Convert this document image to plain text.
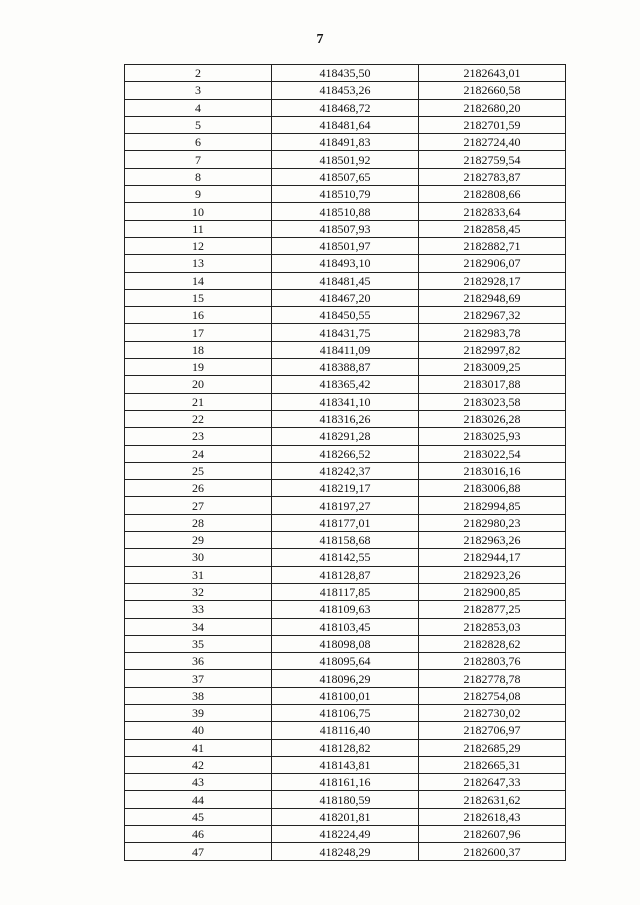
7
2	418435,50	2182643,01
3	418453,26	2182660,58
4	418468,72	2182680,20
5	418481,64	2182701,59
6	418491,83	2182724,40
7	418501,92	2182759,54
8	418507,65	2182783,87
9	418510,79	2182808,66
10	418510,88	2182833,64
11	418507,93	2182858,45
12	418501,97	2182882,71
13	418493,10	2182906,07
14	418481,45	2182928,17
15	418467,20	2182948,69
16	418450,55	2182967,32
17	418431,75	2182983,78
18	418411,09	2182997,82
19	418388,87	2183009,25
20	418365,42	2183017,88
21	418341,10	2183023,58
22	418316,26	2183026,28
23	418291,28	2183025,93
24	418266,52	2183022,54
25	418242,37	2183016,16
26	418219,17	2183006,88
27	418197,27	2182994,85
28	418177,01	2182980,23
29	418158,68	2182963,26
30	418142,55	2182944,17
31	418128,87	2182923,26
32	418117,85	2182900,85
33	418109,63	2182877,25
34	418103,45	2182853,03
35	418098,08	2182828,62
36	418095,64	2182803,76
37	418096,29	2182778,78
38	418100,01	2182754,08
39	418106,75	2182730,02
40	418116,40	2182706,97
41	418128,82	2182685,29
42	418143,81	2182665,31
43	418161,16	2182647,33
44	418180,59	2182631,62
45	418201,81	2182618,43
46	418224,49	2182607,96
47	418248,29	2182600,37
